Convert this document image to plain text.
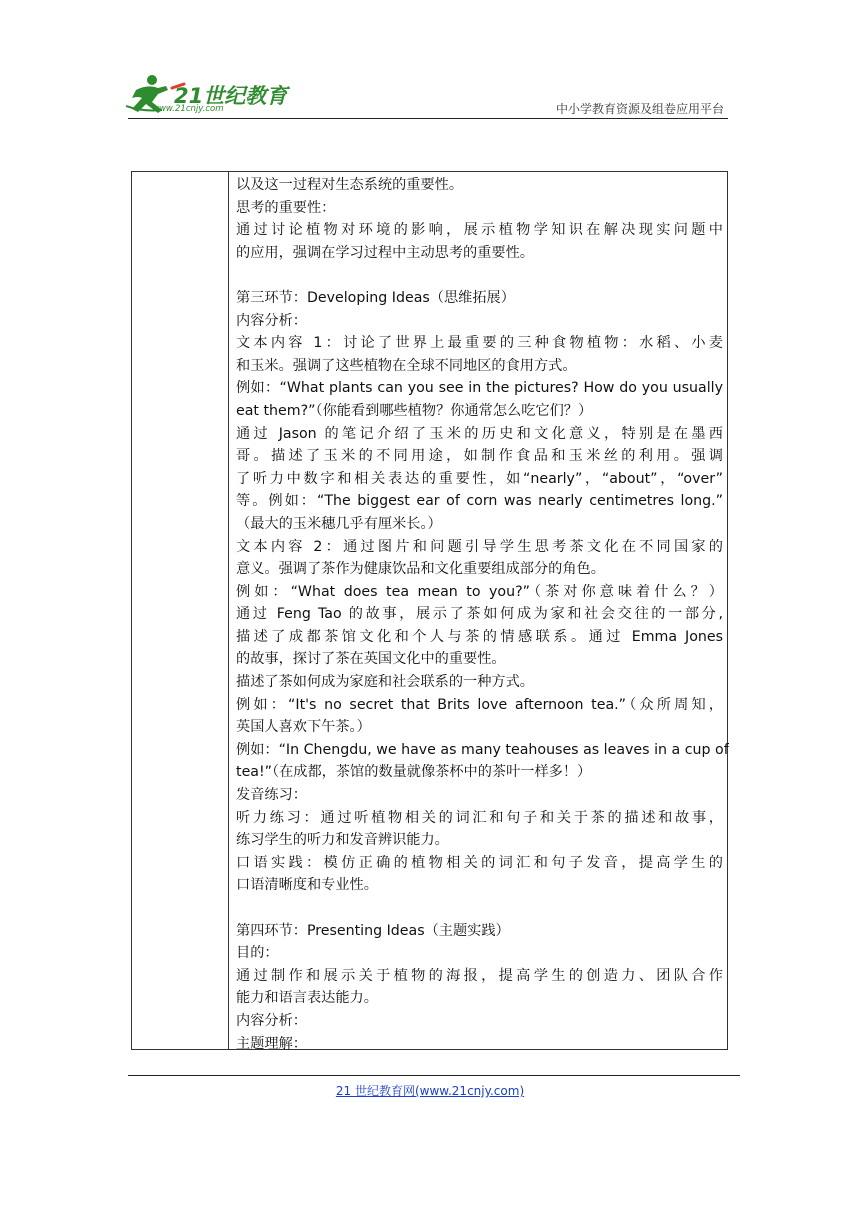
21世纪教育
www.21cnjy.com	中小学教育资源及组卷应用平台
以及这一过程对生态系统的重要性。
思考的重要性：
通过讨论植物对环境的影响，展示植物学知识在解决现实问题中
的应用，强调在学习过程中主动思考的重要性。
第三环节：Developing Ideas（思维拓展）
内容分析：
文本内容 1：讨论了世界上最重要的三种食物植物：水稻、小麦
和玉米。强调了这些植物在全球不同地区的食用方式。
例如：“What plants can you see in the pictures? How do you usually
eat them?”（你能看到哪些植物？你通常怎么吃它们？）
通过 Jason 的笔记介绍了玉米的历史和文化意义，特别是在墨西
哥。描述了玉米的不同用途，如制作食品和玉米丝的利用。强调
了听力中数字和相关表达的重要性，如“nearly”，“about”，“over”
等。例如：“The biggest ear of corn was nearly centimetres long.”
（最大的玉米穗几乎有厘米长。）
文本内容 2：通过图片和问题引导学生思考茶文化在不同国家的
意义。强调了茶作为健康饮品和文化重要组成部分的角色。
例如：“What does tea mean to you?”（茶对你意味着什么？）
通过 Feng Tao 的故事，展示了茶如何成为家和社会交往的一部分,
描述了成都茶馆文化和个人与茶的情感联系。通过 Emma Jones
的故事，探讨了茶在英国文化中的重要性。
描述了茶如何成为家庭和社会联系的一种方式。
例如：“It's no secret that Brits love afternoon tea.”（众所周知，
英国人喜欢下午茶。）
例如：“In Chengdu, we have as many teahouses as leaves in a cup of
tea!”（在成都，茶馆的数量就像茶杯中的茶叶一样多！）
发音练习：
听力练习：通过听植物相关的词汇和句子和关于茶的描述和故事，
练习学生的听力和发音辨识能力。
口语实践：模仿正确的植物相关的词汇和句子发音，提高学生的
口语清晰度和专业性。
第四环节：Presenting Ideas（主题实践）
目的：
通过制作和展示关于植物的海报，提高学生的创造力、团队合作
能力和语言表达能力。
内容分析：
主题理解：
21 世纪教育网(www.21cnjy.com)
